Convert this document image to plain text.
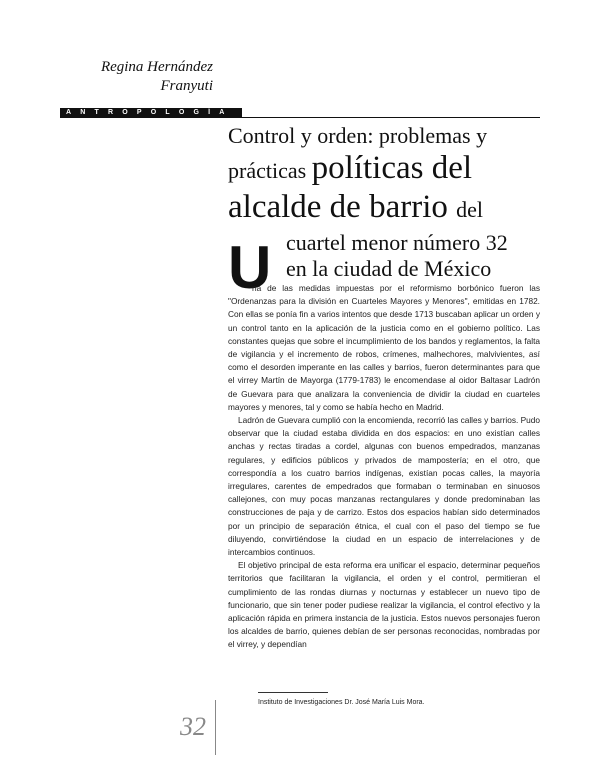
Regina Hernández
Franyuti
ANTROPOLOGÍA
Control y orden: problemas y
prácticas políticas del
alcalde de barrio del
cuartel menor número 32
en la ciudad de México
U

na de las medidas impuestas por el reformismo borbónico fueron las "Ordenanzas para la división en Cuarteles Mayores y Menores", emitidas en 1782. Con ellas se ponía fin a varios intentos que desde 1713 buscaban aplicar un orden y un control tanto en la aplicación de la justicia como en el gobierno político. Las constantes quejas que sobre el incumplimiento de los bandos y reglamentos, la falta de vigilancia y el incremento de robos, crímenes, malhechores, malvivientes, así como el desorden imperante en las calles y barrios, fueron determinantes para que el virrey Martín de Mayorga (1779-1783) le encomendase al oidor Baltasar Ladrón de Guevara para que analizara la conveniencia de dividir la ciudad en cuarteles mayores y menores, tal y como se había hecho en Madrid.

Ladrón de Guevara cumplió con la encomienda, recorrió las calles y barrios. Pudo observar que la ciudad estaba dividida en dos espacios: en uno existían calles anchas y rectas tiradas a cordel, algunas con buenos empedrados, manzanas regulares, y edificios públicos y privados de mampostería; en el otro, que correspondía a los cuatro barrios indígenas, existían pocas calles, la mayoría irregulares, carentes de empedrados que formaban o terminaban en sinuosos callejones, con muy pocas manzanas rectangulares y donde predominaban las construcciones de paja y de carrizo. Estos dos espacios habían sido determinados por un principio de separación étnica, el cual con el paso del tiempo se fue diluyendo, convirtiéndose la ciudad en un espacio de interrelaciones y de intercambios continuos.

El objetivo principal de esta reforma era unificar el espacio, determinar pequeños territorios que facilitaran la vigilancia, el orden y el control, permitieran el cumplimiento de las rondas diurnas y nocturnas y establecer un nuevo tipo de funcionario, que sin tener poder pudiese realizar la vigilancia, el control efectivo y la aplicación rápida en primera instancia de la justicia. Estos nuevos personajes fueron los alcaldes de barrio, quienes debían de ser personas reconocidas, nombradas por el virrey, y dependían

Instituto de Investigaciones Dr. José María Luis Mora.
32
